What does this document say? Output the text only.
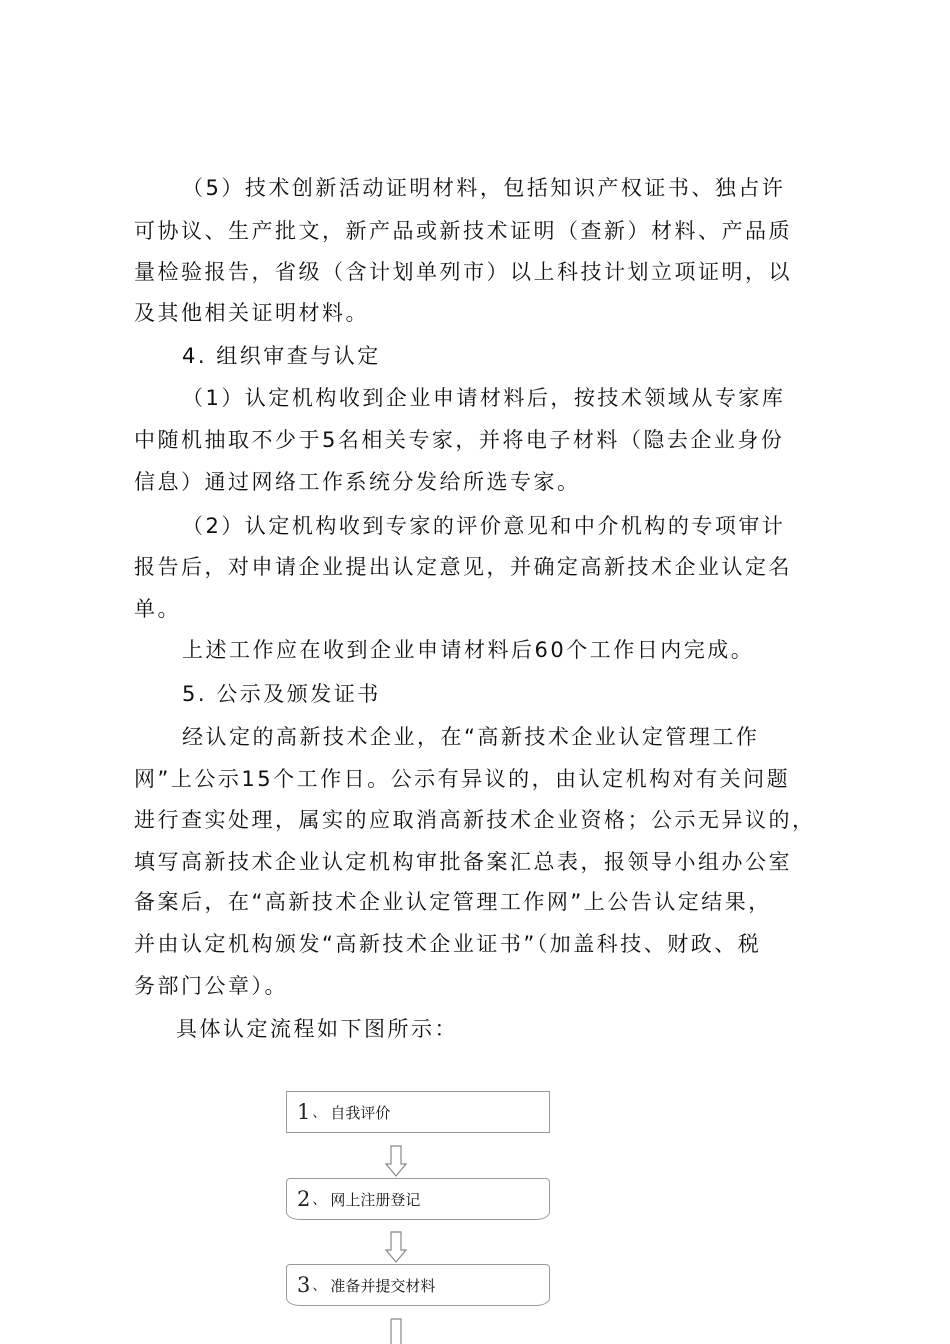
（5）技术创新活动证明材料，包括知识产权证书、独占许

可协议、生产批文，新产品或新技术证明（查新）材料、产品质

量检验报告，省级（含计划单列市）以上科技计划立项证明，以

及其他相关证明材料。

4. 组织审查与认定

（1）认定机构收到企业申请材料后，按技术领域从专家库

中随机抽取不少于5名相关专家，并将电子材料（隐去企业身份

信息）通过网络工作系统分发给所选专家。

（2）认定机构收到专家的评价意见和中介机构的专项审计

报告后，对申请企业提出认定意见，并确定高新技术企业认定名

单。

上述工作应在收到企业申请材料后60个工作日内完成。

5. 公示及颁发证书

经认定的高新技术企业，在“高新技术企业认定管理工作

网”上公示15个工作日。公示有异议的，由认定机构对有关问题

进行查实处理，属实的应取消高新技术企业资格；公示无异议的，

填写高新技术企业认定机构审批备案汇总表，报领导小组办公室

备案后，在“高新技术企业认定管理工作网”上公告认定结果，

并由认定机构颁发“高新技术企业证书”（加盖科技、财政、税

务部门公章）。

具体认定流程如下图所示：

1 、 自我评价
2 、 网上注册登记
3 、 准备并提交材料
